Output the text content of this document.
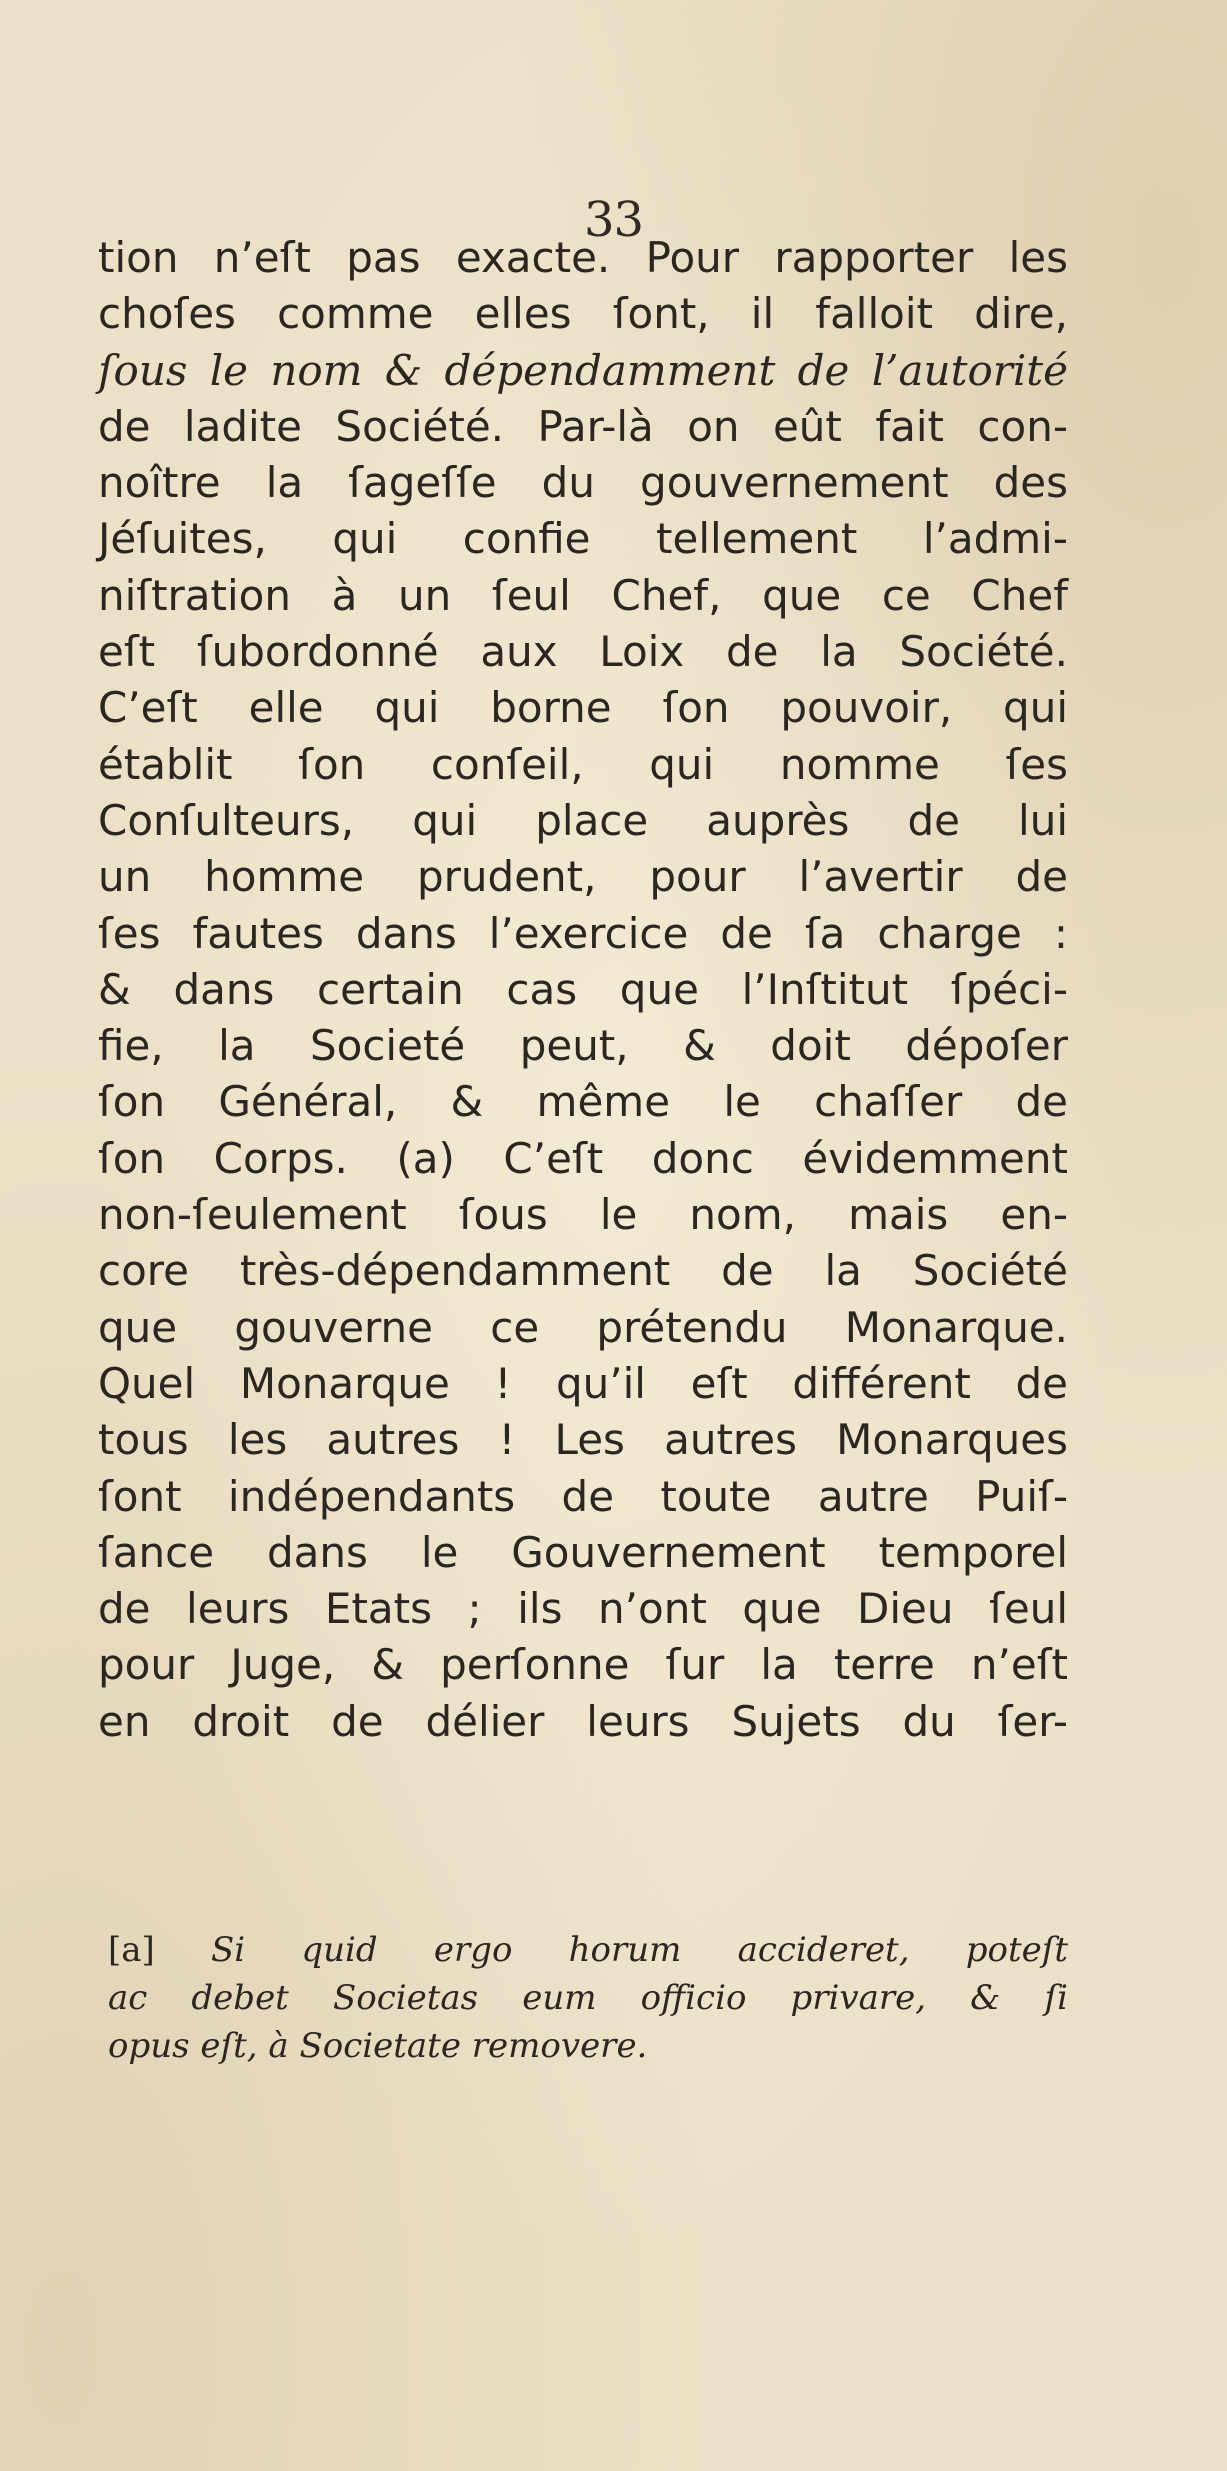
33
tion n’eſt pas exacte. Pour rapporter les
choſes comme elles ſont, il falloit dire,
ſous le nom & dépendamment de l’autorité
de ladite Société. Par-là on eût fait con-
noître la ſageſſe du gouvernement des
Jéſuites, qui confie tellement l’admi-
niſtration à un ſeul Chef, que ce Chef
eſt ſubordonné aux Loix de la Société.
C’eſt elle qui borne ſon pouvoir, qui
établit ſon conſeil, qui nomme ſes
Conſulteurs, qui place auprès de lui
un homme prudent, pour l’avertir de
ſes fautes dans l’exercice de ſa charge :
& dans certain cas que l’Inſtitut ſpéci-
fie, la Societé peut, & doit dépoſer
ſon Général, & même le chaſſer de
ſon Corps. (a) C’eſt donc évidemment
non-ſeulement ſous le nom, mais en-
core très-dépendamment de la Société
que gouverne ce prétendu Monarque.
Quel Monarque ! qu’il eſt différent de
tous les autres ! Les autres Monarques
ſont indépendants de toute autre Puiſ-
ſance dans le Gouvernement temporel
de leurs Etats ; ils n’ont que Dieu ſeul
pour Juge, & perſonne ſur la terre n’eſt
en droit de délier leurs Sujets du ſer-
[a] Si quid ergo horum accideret, poteſt
ac debet Societas eum officio privare, & ſi
opus eſt, à Societate removere.
